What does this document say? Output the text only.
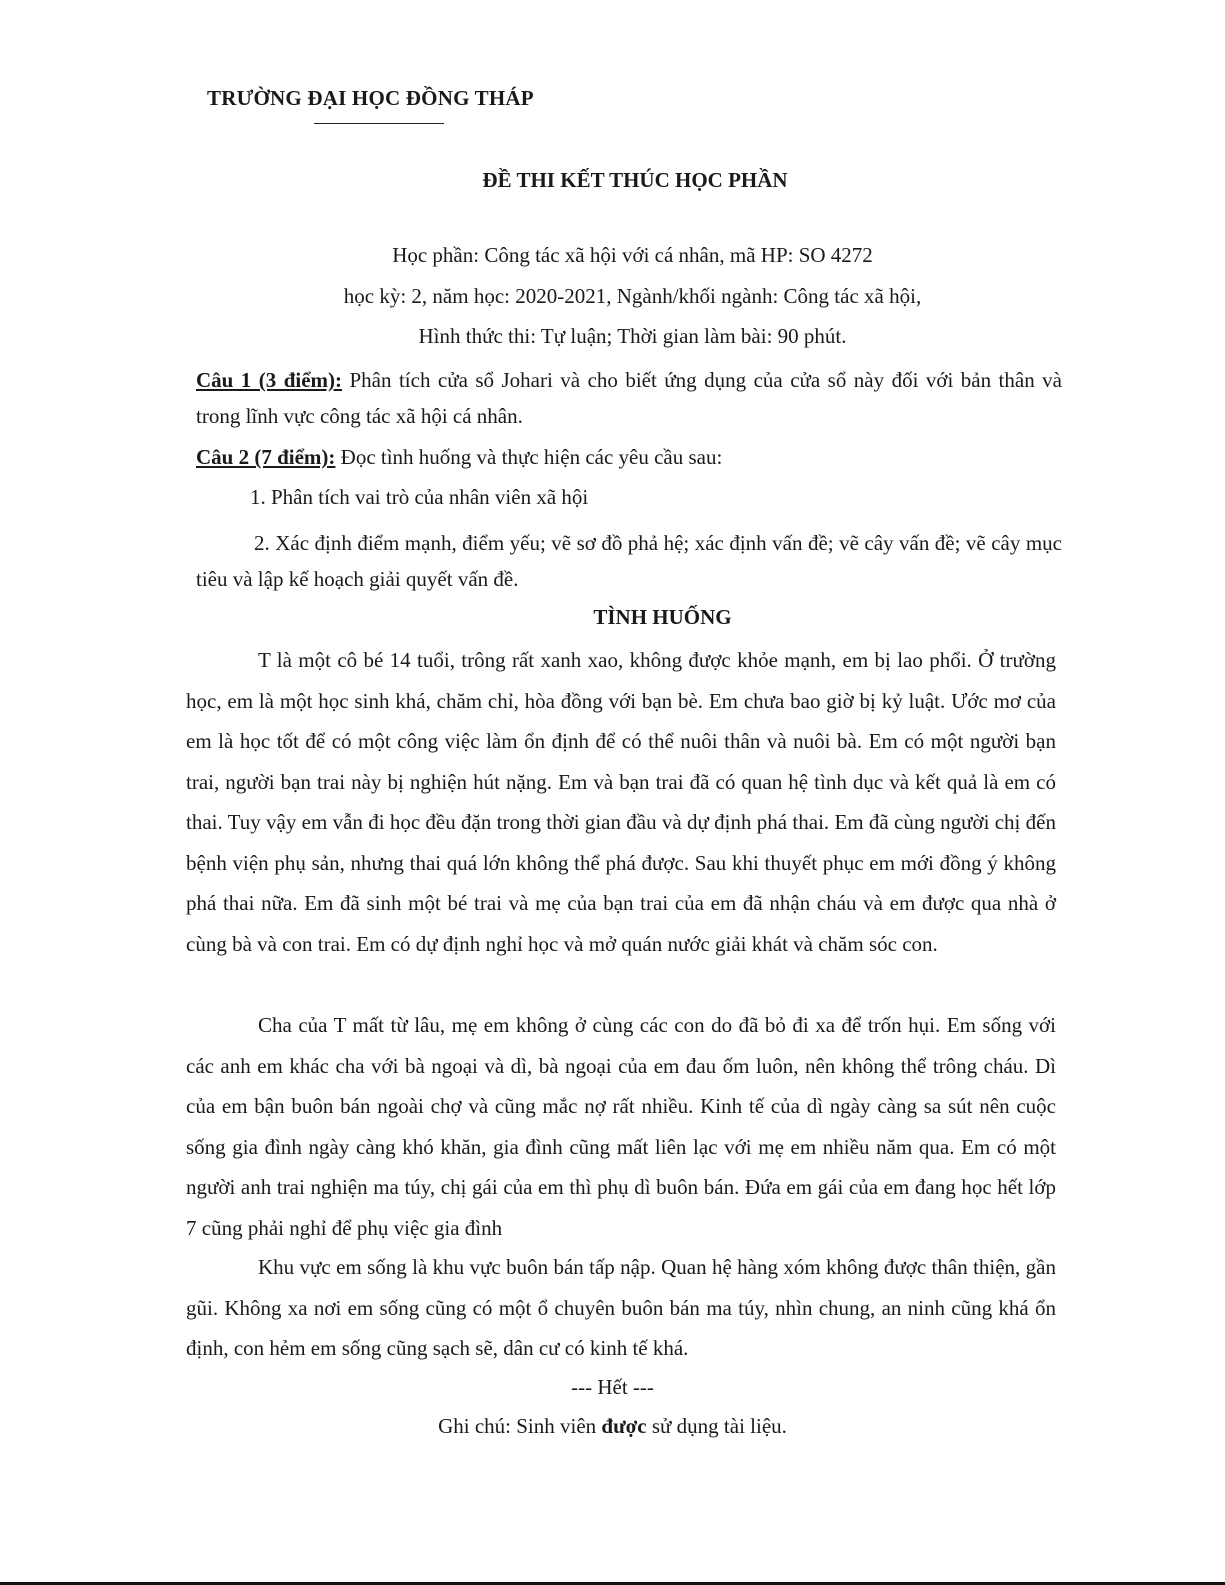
TRƯỜNG ĐẠI HỌC ĐỒNG THÁP
ĐỀ THI KẾT THÚC HỌC PHẦN
Học phần: Công tác xã hội với cá nhân, mã HP: SO 4272
học kỳ: 2, năm học: 2020-2021, Ngành/khối ngành: Công tác xã hội,
Hình thức thi: Tự luận; Thời gian làm bài: 90 phút.
Câu 1 (3 điểm): Phân tích cửa sổ Johari và cho biết ứng dụng của cửa sổ này đối với bản thân và trong lĩnh vực công tác xã hội cá nhân.
Câu 2 (7 điểm): Đọc tình huống và thực hiện các yêu cầu sau:
1. Phân tích vai trò của nhân viên xã hội
2. Xác định điểm mạnh, điểm yếu; vẽ sơ đồ phả hệ; xác định vấn đề; vẽ cây vấn đề; vẽ cây mục tiêu và lập kế hoạch giải quyết vấn đề.
TÌNH HUỐNG
T là một cô bé 14 tuổi, trông rất xanh xao, không được khỏe mạnh, em bị lao phổi. Ở trường học, em là một học sinh khá, chăm chỉ, hòa đồng với bạn bè. Em chưa bao giờ bị kỷ luật. Ước mơ của em là học tốt để có một công việc làm ổn định để có thể nuôi thân và nuôi bà. Em có một người bạn trai, người bạn trai này bị nghiện hút nặng. Em và bạn trai đã có quan hệ tình dục và kết quả là em có thai. Tuy vậy em vẫn đi học đều đặn trong thời gian đầu và dự định phá thai. Em đã cùng người chị đến bệnh viện phụ sản, nhưng thai quá lớn không thể phá được. Sau khi thuyết phục em mới đồng ý không phá thai nữa. Em đã sinh một bé trai và mẹ của bạn trai của em đã nhận cháu và em được qua nhà ở cùng bà và con trai. Em có dự định nghỉ học và mở quán nước giải khát và chăm sóc con.
Cha của T mất từ lâu, mẹ em không ở cùng các con do đã bỏ đi xa để trốn hụi. Em sống với các anh em khác cha với bà ngoại và dì, bà ngoại của em đau ốm luôn, nên không thể trông cháu. Dì của em bận buôn bán ngoài chợ và cũng mắc nợ rất nhiều. Kinh tế của dì ngày càng sa sút nên cuộc sống gia đình ngày càng khó khăn, gia đình cũng mất liên lạc với mẹ em nhiều năm qua. Em có một người anh trai nghiện ma túy, chị gái của em thì phụ dì buôn bán. Đứa em gái của em đang học hết lớp 7 cũng phải nghỉ để phụ việc gia đình
Khu vực em sống là khu vực buôn bán tấp nập. Quan hệ hàng xóm không được thân thiện, gần gũi. Không xa nơi em sống cũng có một ổ chuyên buôn bán ma túy, nhìn chung, an ninh cũng khá ổn định, con hẻm em sống cũng sạch sẽ, dân cư có kinh tế khá.
--- Hết ---
Ghi chú: Sinh viên được sử dụng tài liệu.
